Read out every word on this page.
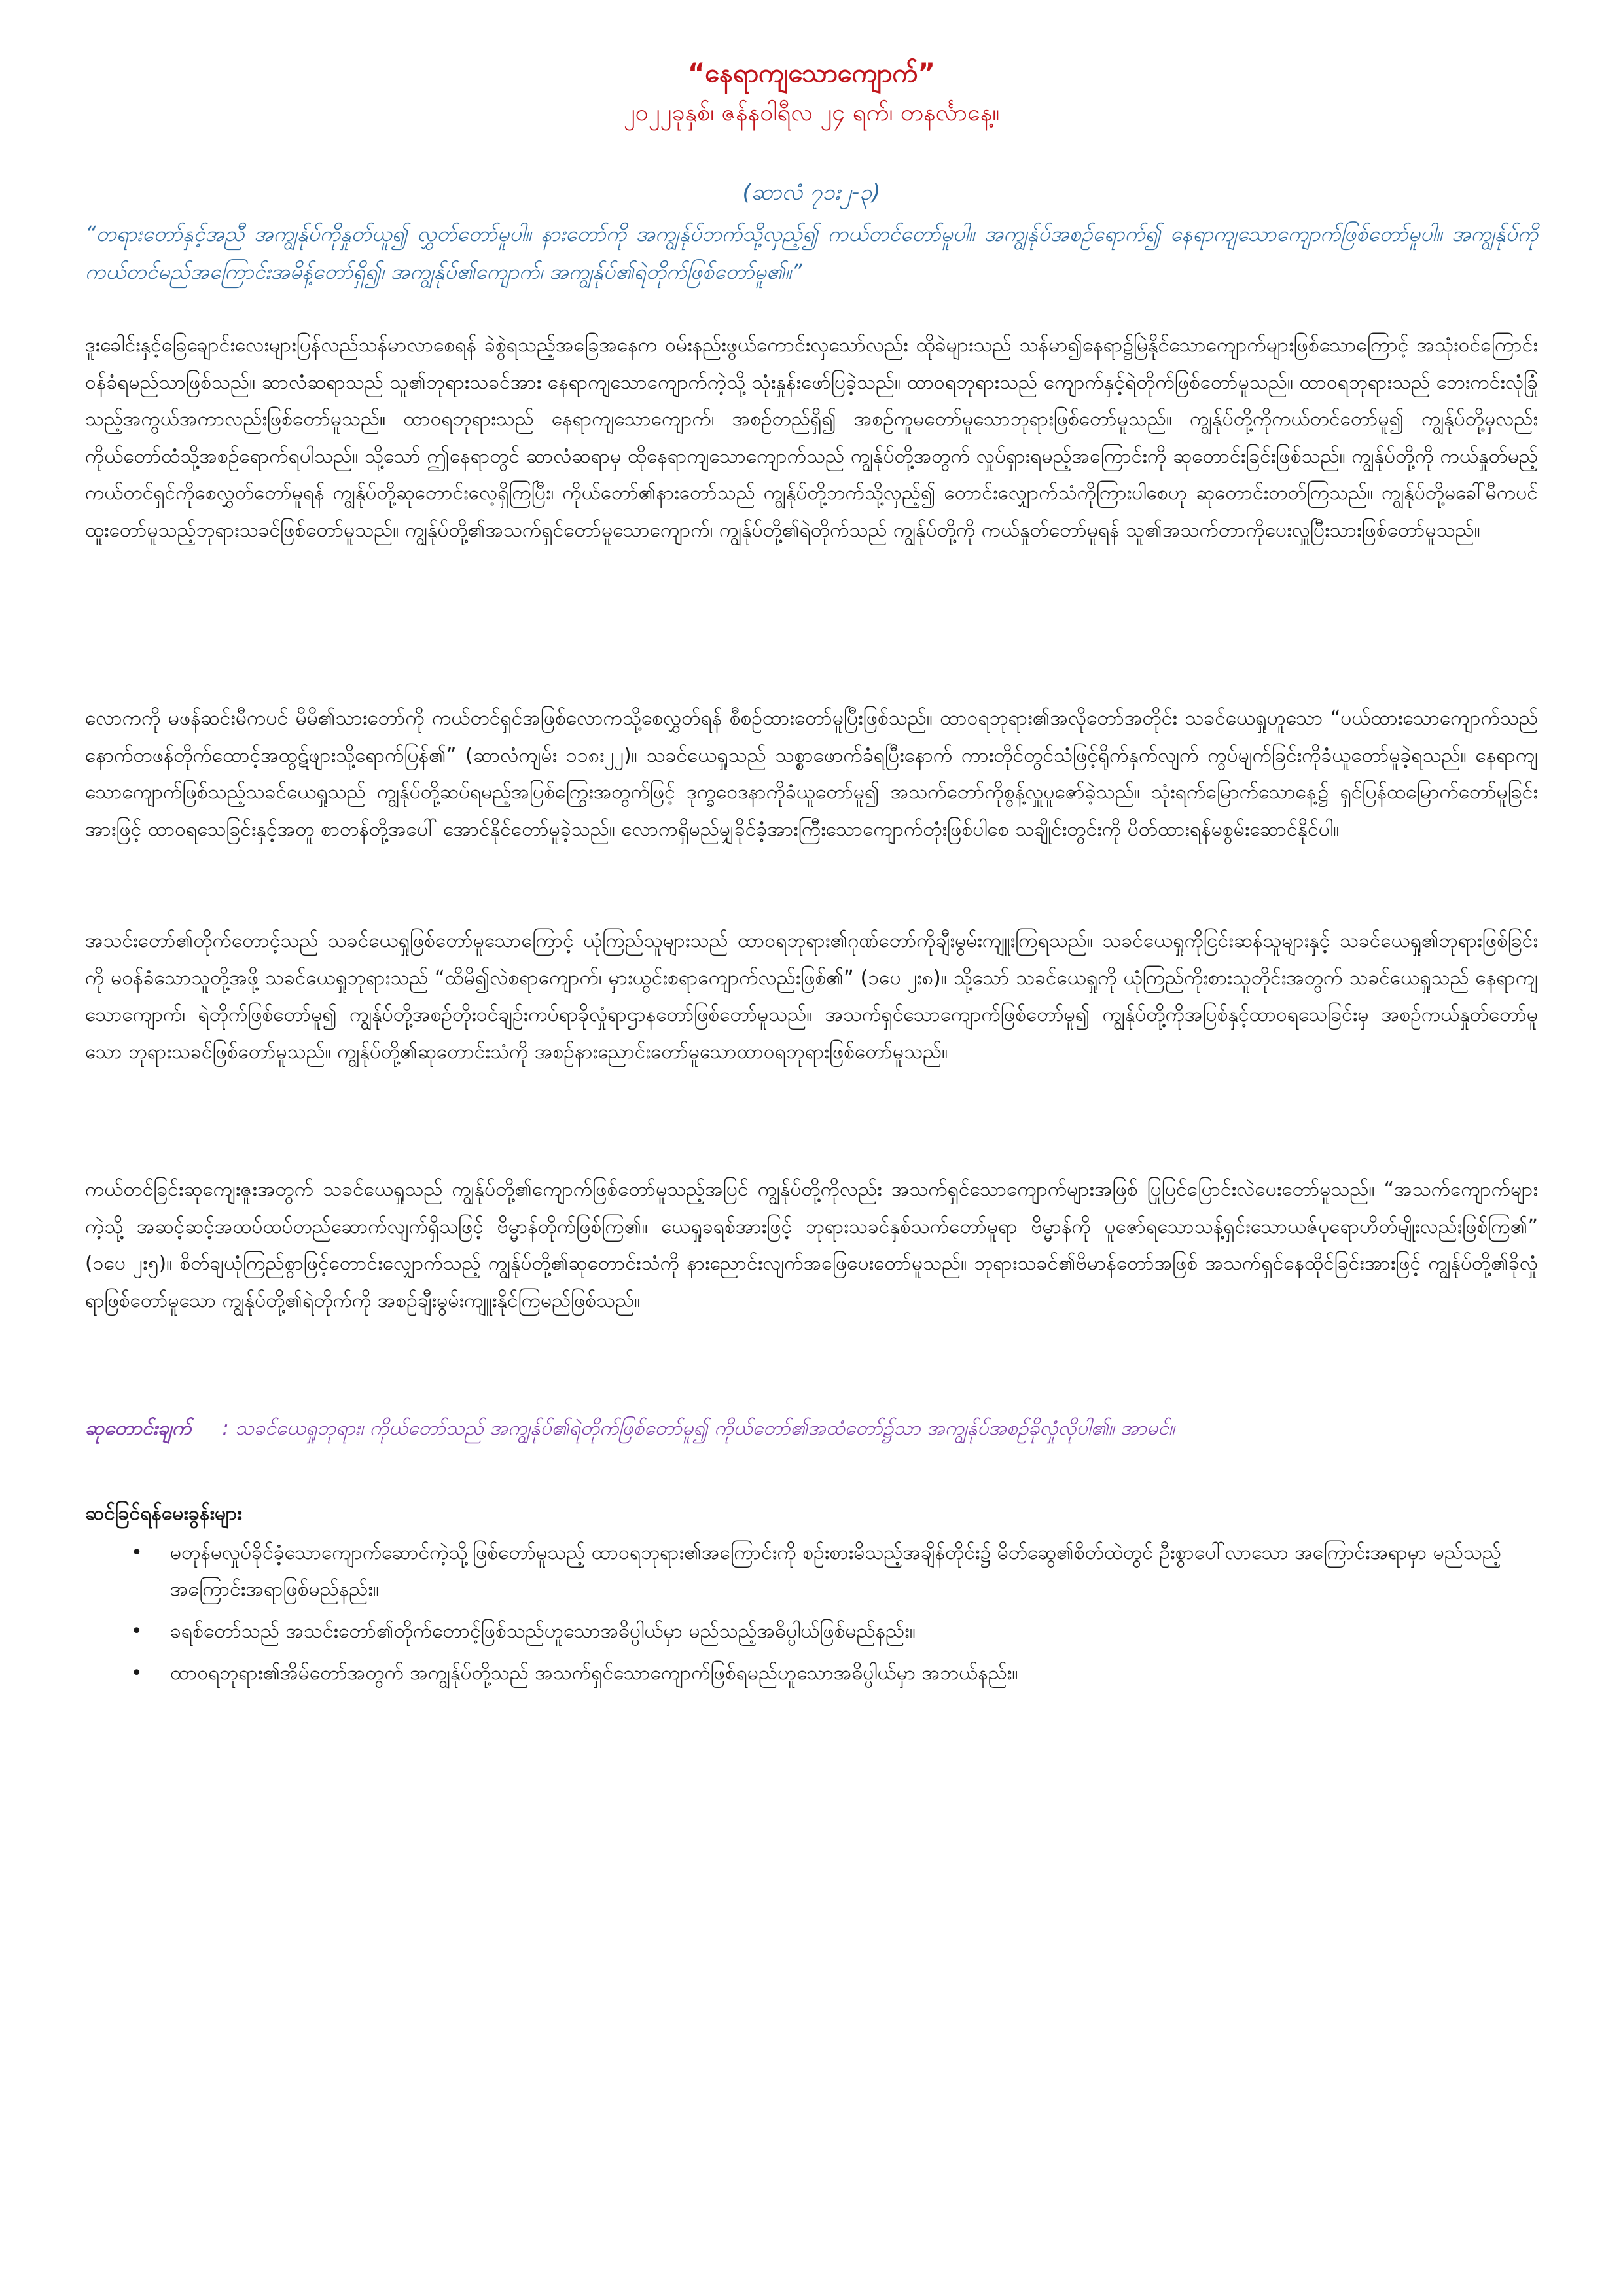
“နေရာကျသောကျောက်”
၂၀၂၂ခုနှစ်၊ ဇန်နဝါရီလ ၂၄ ရက်၊ တနင်္လာနေ့။
(ဆာလံ ၇၁း၂-၃)
“တရားတော်နှင့်အညီ အကျွန်ုပ်ကိုနှုတ်ယူ၍ လွှတ်တော်မူပါ။ နားတော်ကို အကျွန်ုပ်ဘက်သို့လှည့်၍ ကယ်တင်တော်မူပါ။ အကျွန်ုပ်အစဉ်ရောက်၍ နေရာကျသောကျောက်ဖြစ်တော်မူပါ။ အကျွန်ုပ်ကို ကယ်တင်မည်အကြောင်းအမိန့်တော်ရှိ၍၊ အကျွန်ုပ်၏ကျောက်၊ အကျွန်ုပ်၏ရဲတိုက်ဖြစ်တော်မူ၏။”
ဒူးခေါင်းနှင့်ခြေချောင်းလေးများပြန်လည်သန်မာလာစေရန် ခဲစွဲရသည့်အခြေအနေက ဝမ်းနည်းဖွယ်ကောင်းလှသော်လည်း ထိုခဲများသည် သန်မာ၍နေရာ၌မြဲနိုင်သောကျောက်များဖြစ်သောကြောင့် အသုံးဝင်ကြောင်းဝန်ခံရမည်သာဖြစ်သည်။ ဆာလံဆရာသည် သူ၏ဘုရားသခင်အား နေရာကျသောကျောက်ကဲ့သို့ သုံးနှုန်းဖော်ပြခဲ့သည်။ ထာဝရဘုရားသည် ကျောက်နှင့်ရဲတိုက်ဖြစ်တော်မူသည်။ ထာဝရဘုရားသည် ဘေးကင်းလုံခြုံသည့်အကွယ်အကာလည်းဖြစ်တော်မူသည်။ ထာဝရဘုရားသည် နေရာကျသောကျောက်၊ အစဉ်တည်ရှိ၍ အစဉ်ကူမတော်မူသောဘုရားဖြစ်တော်မူသည်။ ကျွန်ုပ်တို့ကိုကယ်တင်တော်မူ၍ ကျွန်ုပ်တို့မှလည်း ကိုယ်တော်ထံသို့အစဉ်ရောက်ရပါသည်။ သို့သော် ဤနေရာတွင် ဆာလံဆရာမှ ထိုနေရာကျသောကျောက်သည် ကျွန်ုပ်တို့အတွက် လှုပ်ရှားရမည့်အကြောင်းကို ဆုတောင်းခြင်းဖြစ်သည်။ ကျွန်ုပ်တို့ကို ကယ်နှုတ်မည့်ကယ်တင်ရှင်ကိုစေလွှတ်တော်မူရန် ကျွန်ုပ်တို့ဆုတောင်းလေ့ရှိကြပြီး၊ ကိုယ်တော်၏နားတော်သည် ကျွန်ုပ်တို့ဘက်သို့လှည့်၍ တောင်းလျှောက်သံကိုကြားပါစေဟု ဆုတောင်းတတ်ကြသည်။ ကျွန်ုပ်တို့မခေါ်မီကပင် ထူးတော်မူသည့်ဘုရားသခင်ဖြစ်တော်မူသည်။ ကျွန်ုပ်တို့၏အသက်ရှင်တော်မူသောကျောက်၊ ကျွန်ုပ်တို့၏ရဲတိုက်သည် ကျွန်ုပ်တို့ကို ကယ်နှုတ်တော်မူရန် သူ၏အသက်တာကိုပေးလှူပြီးသားဖြစ်တော်မူသည်။
လောကကို မဖန်ဆင်းမီကပင် မိမိ၏သားတော်ကို ကယ်တင်ရှင်အဖြစ်လောကသို့စေလွှတ်ရန် စီစဉ်ထားတော်မူပြီးဖြစ်သည်။ ထာဝရဘုရား၏အလိုတော်အတိုင်း သခင်ယေရှုဟူသော “ပယ်ထားသောကျောက်သည် နောက်တဖန်တိုက်ထောင့်အထွဋ်ဖျားသို့ရောက်ပြန်၏” (ဆာလံကျမ်း ၁၁၈း၂၂)။ သခင်ယေရှုသည် သစ္စာဖောက်ခံရပြီးနောက် ကားတိုင်တွင်သံဖြင့်ရိုက်နှက်လျက် ကွပ်မျက်ခြင်းကိုခံယူတော်မူခဲ့ရသည်။ နေရာကျသောကျောက်ဖြစ်သည့်သခင်ယေရှုသည် ကျွန်ုပ်တို့ဆပ်ရမည့်အပြစ်ကြွေးအတွက်ဖြင့် ဒုက္ခဝေဒနာကိုခံယူတော်မူ၍ အသက်တော်ကိုစွန့်လှူပူဇော်ခဲ့သည်။ သုံးရက်မြောက်သောနေ့၌ ရှင်ပြန်ထမြောက်တော်မူခြင်းအားဖြင့် ထာဝရသေခြင်းနှင့်အတူ စာတန်တို့အပေါ် အောင်နိုင်တော်မူခဲ့သည်။ လောကရှိမည်မျှခိုင်ခံ့အားကြီးသောကျောက်တုံးဖြစ်ပါစေ သချိုင်းတွင်းကို ပိတ်ထားရန်မစွမ်းဆောင်နိုင်ပါ။
အသင်းတော်၏တိုက်တောင့်သည် သခင်ယေရှုဖြစ်တော်မူသောကြောင့် ယုံကြည်သူများသည် ထာဝရဘုရား၏ဂုဏ်တော်ကိုချီးမွမ်းကျူးကြရသည်။ သခင်ယေရှုကိုငြင်းဆန်သူများနှင့် သခင်ယေရှု၏ဘုရားဖြစ်ခြင်းကို မဝန်ခံသောသူတို့အဖို့ သခင်ယေရှုဘုရားသည် “ထိမိ၍လဲစရာကျောက်၊ မှားယွင်းစရာကျောက်လည်းဖြစ်၏” (၁ပေ ၂း၈)။ သို့သော် သခင်ယေရှုကို ယုံကြည်ကိုးစားသူတိုင်းအတွက် သခင်ယေရှုသည် နေရာကျသောကျောက်၊ ရဲတိုက်ဖြစ်တော်မူ၍ ကျွန်ုပ်တို့အစဉ်တိုးဝင်ချဉ်းကပ်ရာခိုလှုံရာဌာနတော်ဖြစ်တော်မူသည်။ အသက်ရှင်သောကျောက်ဖြစ်တော်မူ၍ ကျွန်ုပ်တို့ကိုအပြစ်နှင့်ထာဝရသေခြင်းမှ အစဉ်ကယ်နှုတ်တော်မူသော ဘုရားသခင်ဖြစ်တော်မူသည်။ ကျွန်ုပ်တို့၏ဆုတောင်းသံကို အစဉ်နားညောင်းတော်မူသောထာဝရဘုရားဖြစ်တော်မူသည်။
ကယ်တင်ခြင်းဆုကျေးဇူးအတွက် သခင်ယေရှုသည် ကျွန်ုပ်တို့၏ကျောက်ဖြစ်တော်မူသည့်အပြင် ကျွန်ုပ်တို့ကိုလည်း အသက်ရှင်သောကျောက်များအဖြစ် ပြုပြင်ပြောင်းလဲပေးတော်မူသည်။ “အသက်ကျောက်များကဲ့သို့ အဆင့်ဆင့်အထပ်ထပ်တည်ဆောက်လျက်ရှိသဖြင့် ဗိမ္မာန်တိုက်ဖြစ်ကြ၏။ ယေရှုခရစ်အားဖြင့် ဘုရားသခင်နှစ်သက်တော်မူရာ ဗိမ္မာန်ကို ပူဇော်ရသောသန့်ရှင်းသောယဇ်ပုရောဟိတ်မျိုးလည်းဖြစ်ကြ၏” (၁ပေ ၂း၅)။ စိတ်ချယုံကြည်စွာဖြင့်တောင်းလျှောက်သည့် ကျွန်ုပ်တို့၏ဆုတောင်းသံကို နားညောင်းလျက်အဖြေပေးတော်မူသည်။ ဘုရားသခင်၏ဗိမာန်တော်အဖြစ် အသက်ရှင်နေထိုင်ခြင်းအားဖြင့် ကျွန်ုပ်တို့၏ခိုလှုံရာဖြစ်တော်မူသော ကျွန်ုပ်တို့၏ရဲတိုက်ကို အစဉ်ချီးမွမ်းကျူးနိုင်ကြမည်ဖြစ်သည်။
ဆုတောင်းချက် : သခင်ယေရှုဘုရား၊ ကိုယ်တော်သည် အကျွန်ုပ်၏ရဲတိုက်ဖြစ်တော်မူ၍ ကိုယ်တော်၏အထံတော်၌သာ အကျွန်ုပ်အစဉ်ခိုလှုံလိုပါ၏။ အာမင်။
ဆင်ခြင်ရန်မေးခွန်းများ
• မတုန်မလှုပ်ခိုင်ခံ့သောကျောက်ဆောင်ကဲ့သို့ဖြစ်တော်မူသည့် ထာဝရဘုရား၏အကြောင်းကို စဉ်းစားမိသည့်အချိန်တိုင်း၌ မိတ်ဆွေ၏စိတ်ထဲတွင် ဦးစွာပေါ်လာသော အကြောင်းအရာမှာ မည်သည့်အကြောင်းအရာဖြစ်မည်နည်း။
• ခရစ်တော်သည် အသင်းတော်၏တိုက်တောင့်ဖြစ်သည်ဟူသောအဓိပ္ပါယ်မှာ မည်သည့်အဓိပ္ပါယ်ဖြစ်မည်နည်း။
• ထာဝရဘုရား၏အိမ်တော်အတွက် အကျွန်ုပ်တို့သည် အသက်ရှင်သောကျောက်ဖြစ်ရမည်ဟူသောအဓိပ္ပါယ်မှာ အဘယ်နည်း။
